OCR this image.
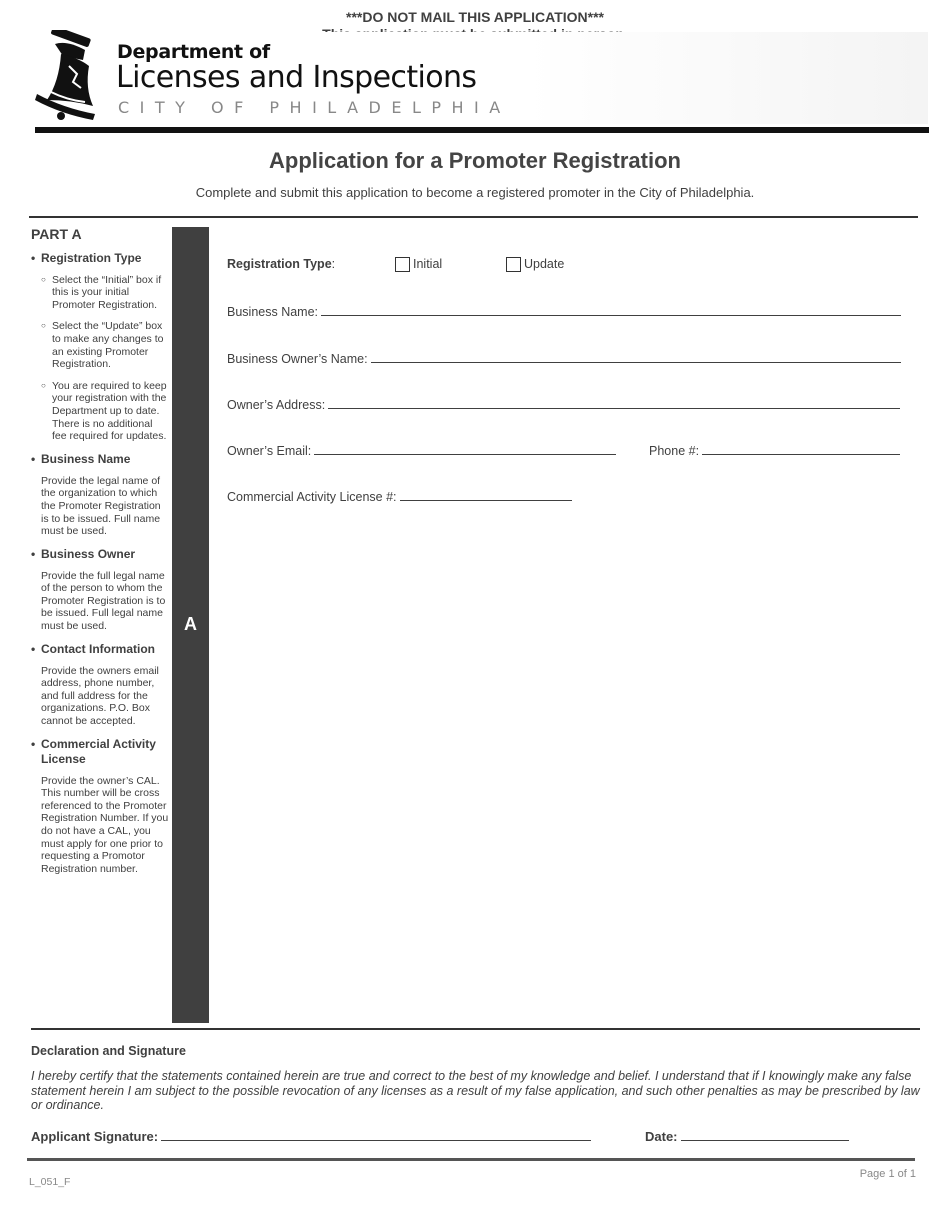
***DO NOT MAIL THIS APPLICATION***
Department of
Licenses and Inspections
CITY OF PHILADELPHIA
Application for a Promoter Registration
Complete and submit this application to become a registered promoter in the City of Philadelphia.
PART A
• Registration Type
○ Select the “Initial” box if this is your initial Promoter Registration.
○ Select the “Update” box to make any changes to an existing Promoter Registration.
○ You are required to keep your registration with the Department up to date. There is no additional fee required for updates.
• Business Name
Provide the legal name of the organization to which the Promoter Registration is to be issued. Full name must be used.
• Business Owner
Provide the full legal name of the person to whom the Promoter Registration is to be issued. Full legal name must be used.
• Contact Information
Provide the owners email address, phone number, and full address for the organizations. P.O. Box cannot be accepted.
• Commercial Activity License
Provide the owner’s CAL. This number will be cross referenced to the Promoter Registration Number. If you do not have a CAL, you must apply for one prior to requesting a Promotor Registration number.
A
Registration Type:	Initial	Update
Business Name:
Business Owner’s Name:
Owner’s Address:
Owner’s Email:	Phone #:
Commercial Activity License #:
Declaration and Signature
I hereby certify that the statements contained herein are true and correct to the best of my knowledge and belief. I understand that if I knowingly make any false statement herein I am subject to the possible revocation of any licenses as a result of my false application, and such other penalties as may be prescribed by law or ordinance.
Applicant Signature:	Date:
L_051_F
Page 1 of 1
